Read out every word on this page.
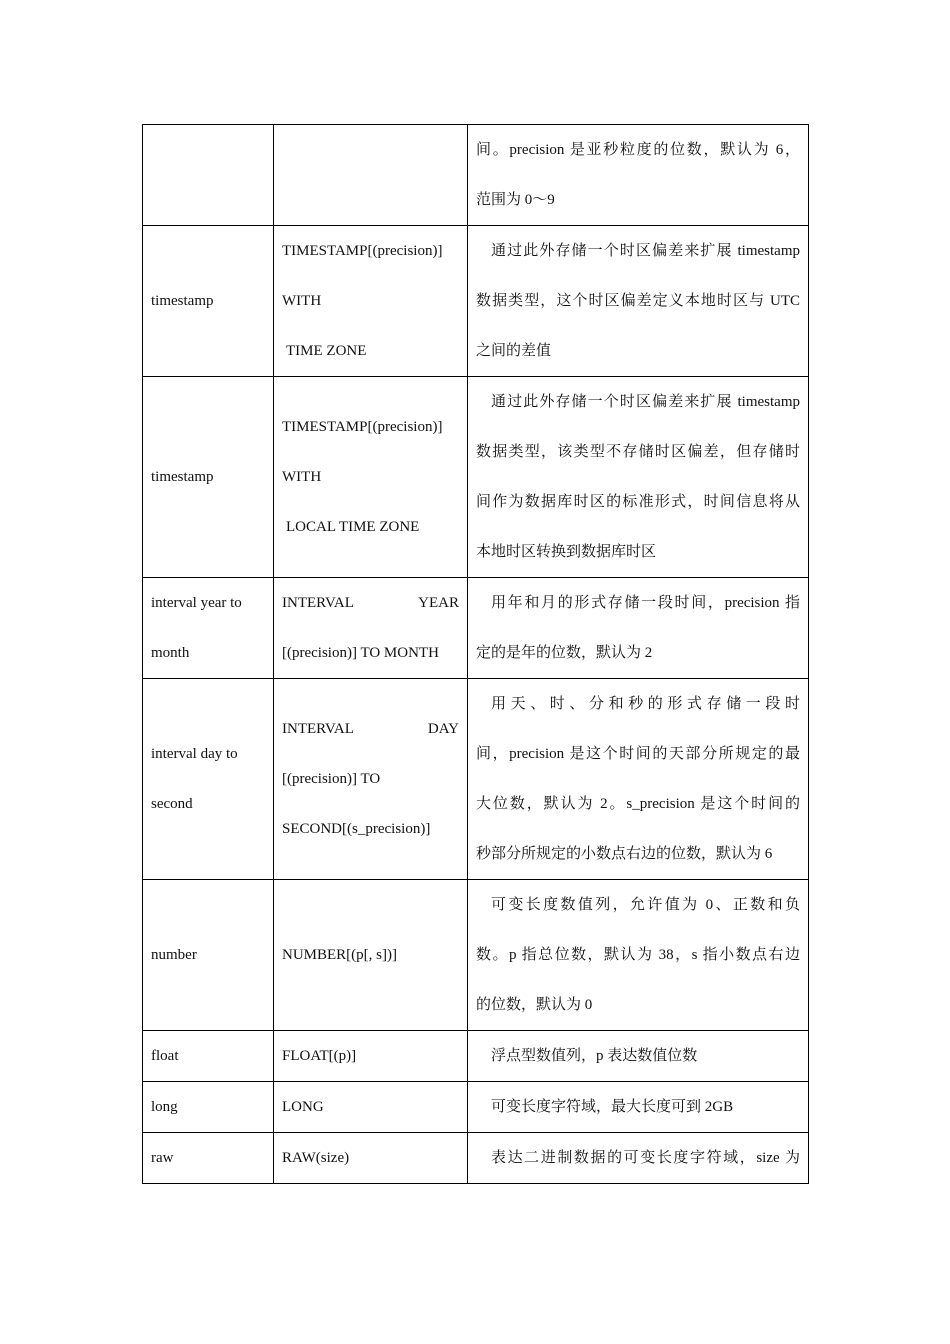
		间。precision 是亚秒粒度的位数，默认为 6，
范围为 0～9

timestamp	TIMESTAMP[(precision)]
WITH
TIME ZONE	通过此外存储一个时区偏差来扩展 timestamp
数据类型，这个时区偏差定义本地时区与 UTC
之间的差值

timestamp	TIMESTAMP[(precision)]
WITH
LOCAL TIME ZONE	通过此外存储一个时区偏差来扩展 timestamp
数据类型，该类型不存储时区偏差，但存储时
间作为数据库时区的标准形式，时间信息将从
本地时区转换到数据库时区

interval year to
month	INTERVAL YEAR
[(precision)] TO MONTH	用年和月的形式存储一段时间，precision 指
定的是年的位数，默认为 2

interval day to
second	INTERVAL DAY
[(precision)] TO
SECOND[(s_precision)]	用天、时、分和秒的形式存储一段时
间，precision 是这个时间的天部分所规定的最
大位数，默认为 2。s_precision 是这个时间的
秒部分所规定的小数点右边的位数，默认为 6

number	NUMBER[(p[, s])]	可变长度数值列，允许值为 0、正数和负
数。p 指总位数，默认为 38，s 指小数点右边
的位数，默认为 0

float	FLOAT[(p)]	浮点型数值列，p 表达数值位数

long	LONG	可变长度字符域，最大长度可到 2GB

raw	RAW(size)	表达二进制数据的可变长度字符域，size 为
